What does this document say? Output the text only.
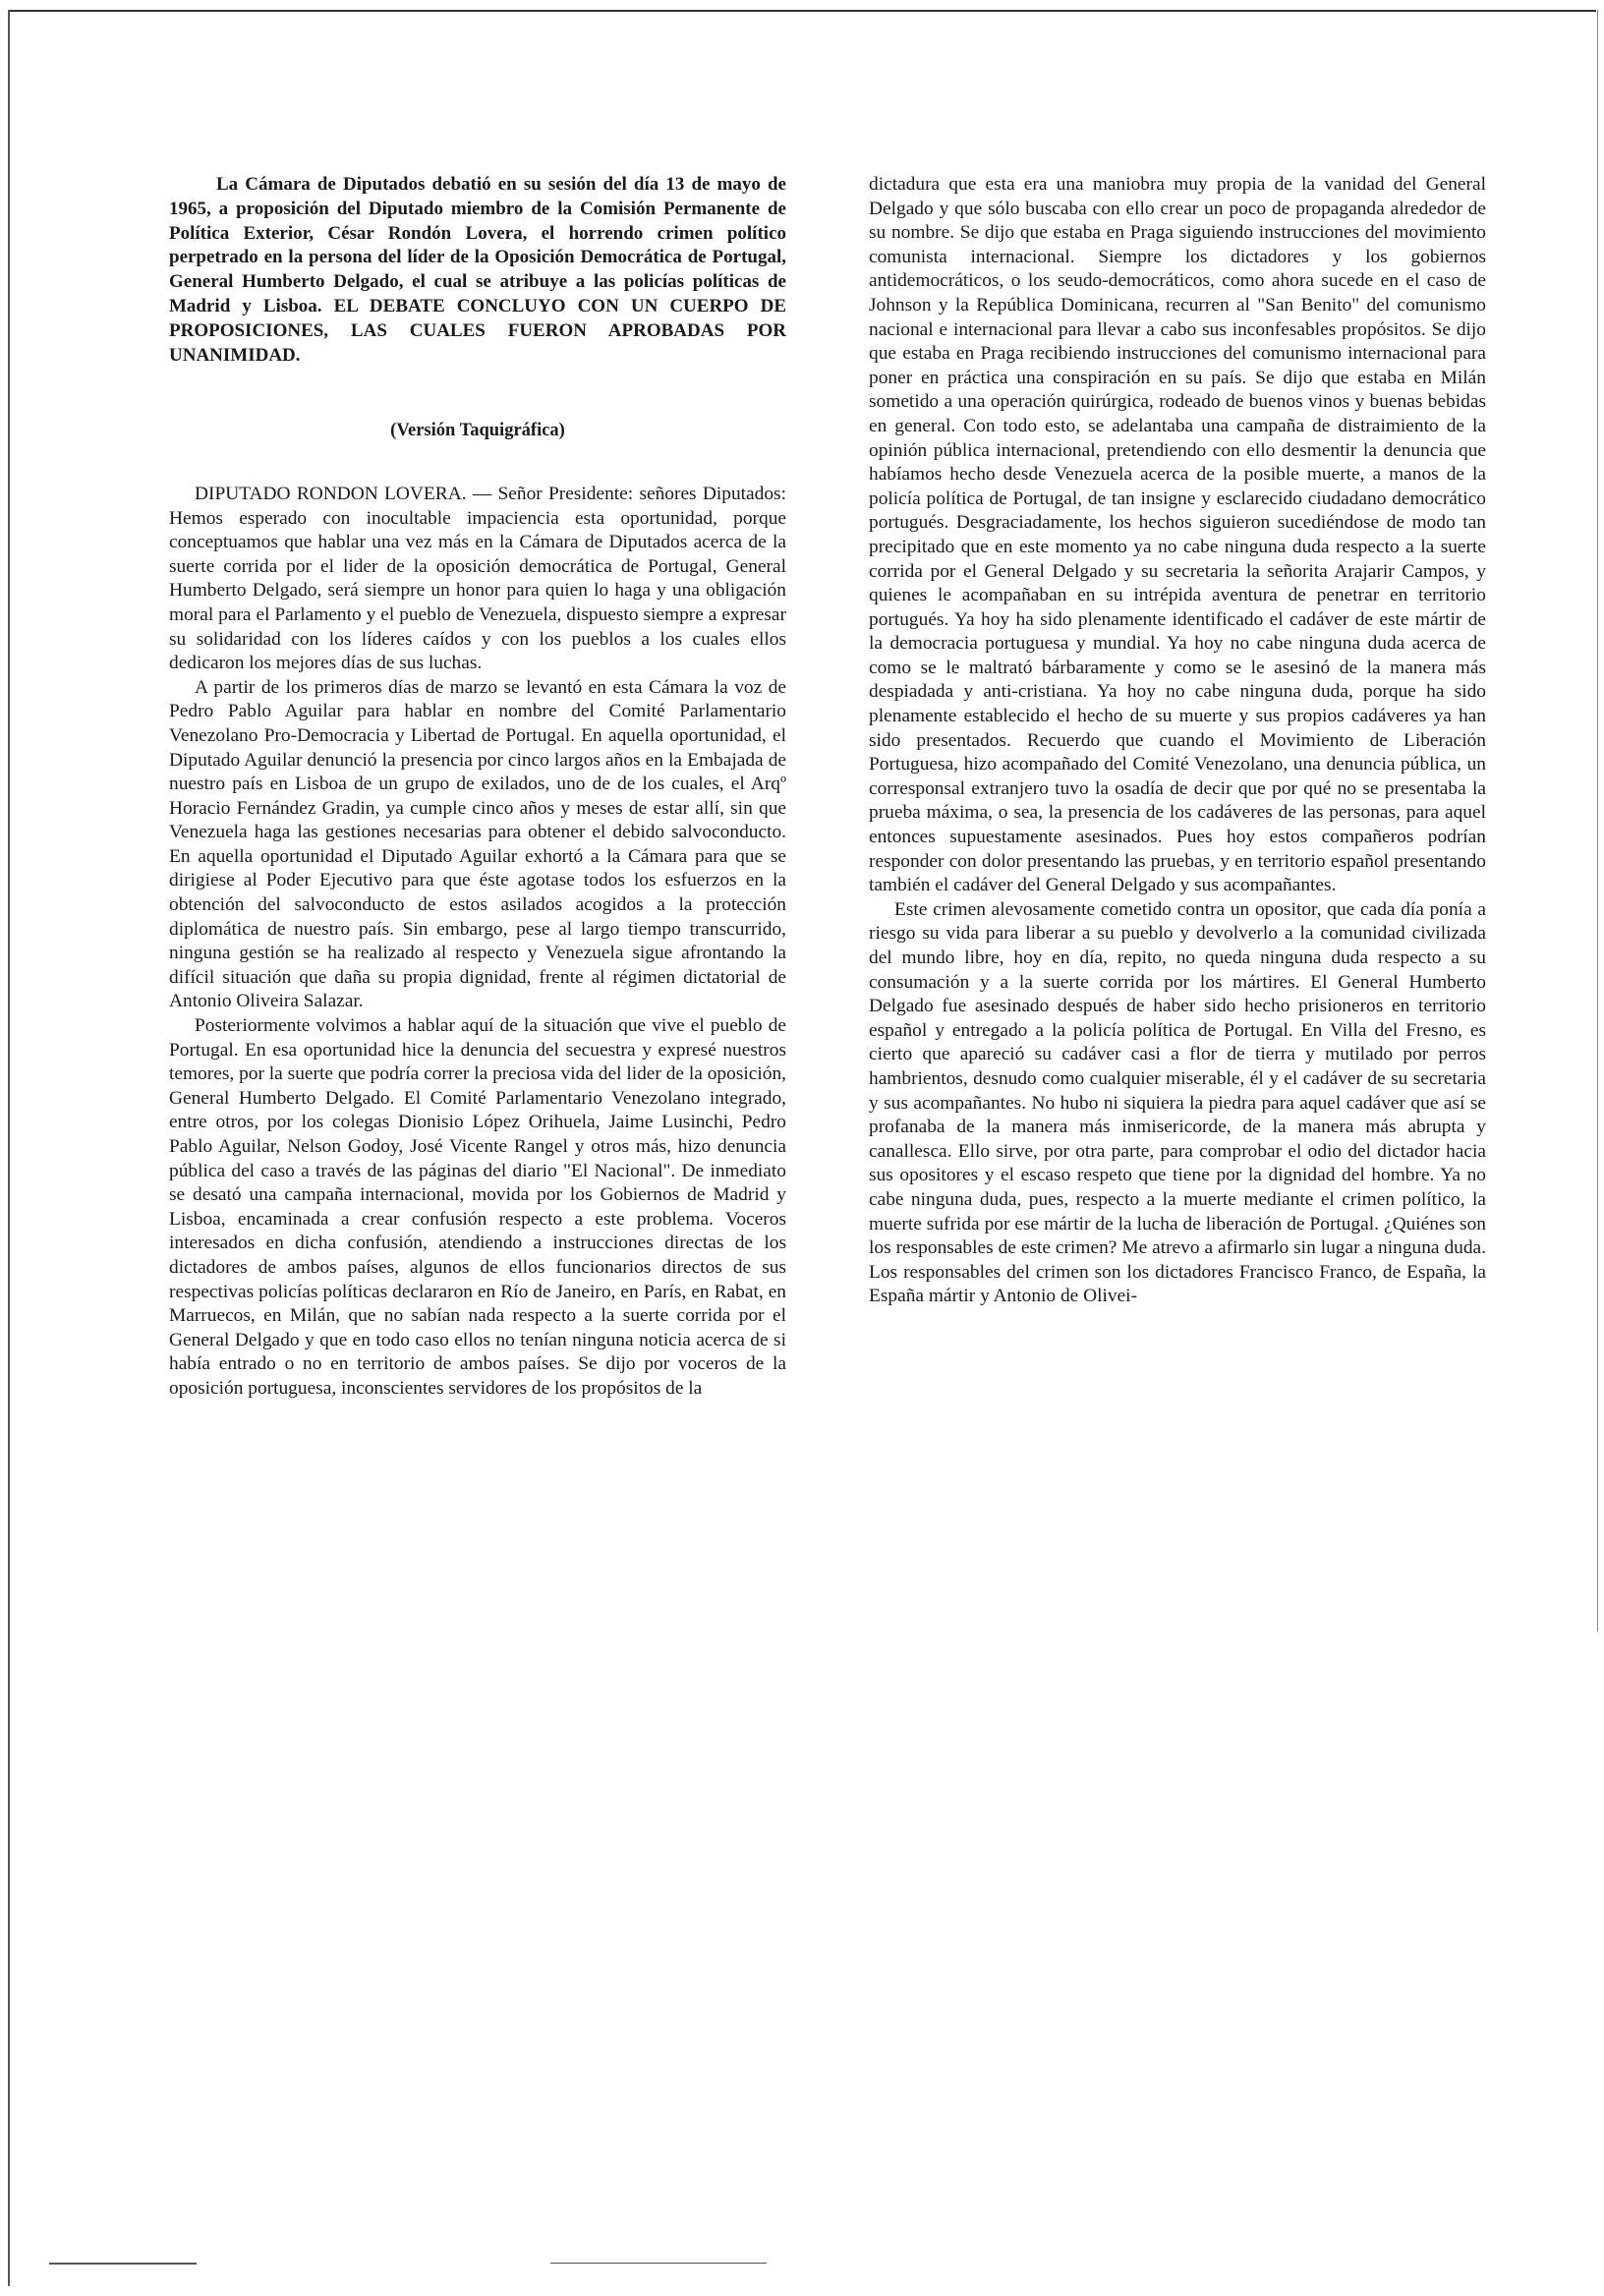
La Cámara de Diputados debatió en su sesión del día 13 de mayo de 1965, a proposición del Diputado miembro de la Comisión Permanente de Política Exterior, César Rondón Lovera, el horrendo crimen político perpetrado en la persona del líder de la Oposición Democrática de Portugal, General Humberto Delgado, el cual se atribuye a las policías políticas de Madrid y Lisboa. EL DEBATE CONCLUYO CON UN CUERPO DE PROPOSICIONES, LAS CUALES FUERON APROBADAS POR UNANIMIDAD.

(Versión Taquigráfica)

DIPUTADO RONDON LOVERA. — Señor Presidente: señores Diputados: Hemos esperado con inocultable impaciencia esta oportunidad, porque conceptuamos que hablar una vez más en la Cámara de Diputados acerca de la suerte corrida por el lider de la oposición democrática de Portugal, General Humberto Delgado, será siempre un honor para quien lo haga y una obligación moral para el Parlamento y el pueblo de Venezuela, dispuesto siempre a expresar su solidaridad con los líderes caídos y con los pueblos a los cuales ellos dedicaron los mejores días de sus luchas.

A partir de los primeros días de marzo se levantó en esta Cámara la voz de Pedro Pablo Aguilar para hablar en nombre del Comité Parlamentario Venezolano Pro-Democracia y Libertad de Portugal. En aquella oportunidad, el Diputado Aguilar denunció la presencia por cinco largos años en la Embajada de nuestro país en Lisboa de un grupo de exilados, uno de de los cuales, el Arqº Horacio Fernández Gradin, ya cumple cinco años y meses de estar allí, sin que Venezuela haga las gestiones necesarias para obtener el debido salvoconducto. En aquella oportunidad el Diputado Aguilar exhortó a la Cámara para que se dirigiese al Poder Ejecutivo para que éste agotase todos los esfuerzos en la obtención del salvoconducto de estos asilados acogidos a la protección diplomática de nuestro país. Sin embargo, pese al largo tiempo transcurrido, ninguna gestión se ha realizado al respecto y Venezuela sigue afrontando la difícil situación que daña su propia dignidad, frente al régimen dictatorial de Antonio Oliveira Salazar.

Posteriormente volvimos a hablar aquí de la situación que vive el pueblo de Portugal. En esa oportunidad hice la denuncia del secuestra y expresé nuestros temores, por la suerte que podría correr la preciosa vida del lider de la oposición, General Humberto Delgado. El Comité Parlamentario Venezolano integrado, entre otros, por los colegas Dionisio López Orihuela, Jaime Lusinchi, Pedro Pablo Aguilar, Nelson Godoy, José Vicente Rangel y otros más, hizo denuncia pública del caso a través de las páginas del diario "El Nacional". De inmediato se desató una campaña internacional, movida por los Gobiernos de Madrid y Lisboa, encaminada a crear confusión respecto a este problema. Voceros interesados en dicha confusión, atendiendo a instrucciones directas de los dictadores de ambos países, algunos de ellos funcionarios directos de sus respectivas policías políticas declararon en Río de Janeiro, en París, en Rabat, en Marruecos, en Milán, que no sabían nada respecto a la suerte corrida por el General Delgado y que en todo caso ellos no tenían ninguna noticia acerca de si había entrado o no en territorio de ambos países. Se dijo por voceros de la oposición portuguesa, inconscientes servidores de los propósitos de la

dictadura que esta era una maniobra muy propia de la vanidad del General Delgado y que sólo buscaba con ello crear un poco de propaganda alrededor de su nombre. Se dijo que estaba en Praga siguiendo instrucciones del movimiento comunista internacional. Siempre los dictadores y los gobiernos antidemocráticos, o los seudo-democráticos, como ahora sucede en el caso de Johnson y la República Dominicana, recurren al "San Benito" del comunismo nacional e internacional para llevar a cabo sus inconfesables propósitos. Se dijo que estaba en Praga recibiendo instrucciones del comunismo internacional para poner en práctica una conspiración en su país. Se dijo que estaba en Milán sometido a una operación quirúrgica, rodeado de buenos vinos y buenas bebidas en general. Con todo esto, se adelantaba una campaña de distraimiento de la opinión pública internacional, pretendiendo con ello desmentir la denuncia que habíamos hecho desde Venezuela acerca de la posible muerte, a manos de la policía política de Portugal, de tan insigne y esclarecido ciudadano democrático portugués. Desgraciadamente, los hechos siguieron sucediéndose de modo tan precipitado que en este momento ya no cabe ninguna duda respecto a la suerte corrida por el General Delgado y su secretaria la señorita Arajarir Campos, y quienes le acompañaban en su intrépida aventura de penetrar en territorio portugués. Ya hoy ha sido plenamente identificado el cadáver de este mártir de la democracia portuguesa y mundial. Ya hoy no cabe ninguna duda acerca de como se le maltrató bárbaramente y como se le asesinó de la manera más despiadada y anti-cristiana. Ya hoy no cabe ninguna duda, porque ha sido plenamente establecido el hecho de su muerte y sus propios cadáveres ya han sido presentados. Recuerdo que cuando el Movimiento de Liberación Portuguesa, hizo acompañado del Comité Venezolano, una denuncia pública, un corresponsal extranjero tuvo la osadía de decir que por qué no se presentaba la prueba máxima, o sea, la presencia de los cadáveres de las personas, para aquel entonces supuestamente asesinados. Pues hoy estos compañeros podrían responder con dolor presentando las pruebas, y en territorio español presentando también el cadáver del General Delgado y sus acompañantes.

Este crimen alevosamente cometido contra un opositor, que cada día ponía a riesgo su vida para liberar a su pueblo y devolverlo a la comunidad civilizada del mundo libre, hoy en día, repito, no queda ninguna duda respecto a su consumación y a la suerte corrida por los mártires. El General Humberto Delgado fue asesinado después de haber sido hecho prisioneros en territorio español y entregado a la policía política de Portugal. En Villa del Fresno, es cierto que apareció su cadáver casi a flor de tierra y mutilado por perros hambrientos, desnudo como cualquier miserable, él y el cadáver de su secretaria y sus acompañantes. No hubo ni siquiera la piedra para aquel cadáver que así se profanaba de la manera más inmisericorde, de la manera más abrupta y canallesca. Ello sirve, por otra parte, para comprobar el odio del dictador hacia sus opositores y el escaso respeto que tiene por la dignidad del hombre. Ya no cabe ninguna duda, pues, respecto a la muerte mediante el crimen político, la muerte sufrida por ese mártir de la lucha de liberación de Portugal. ¿Quiénes son los responsables de este crimen? Me atrevo a afirmarlo sin lugar a ninguna duda. Los responsables del crimen son los dictadores Francisco Franco, de España, la España mártir y Antonio de Olivei-
